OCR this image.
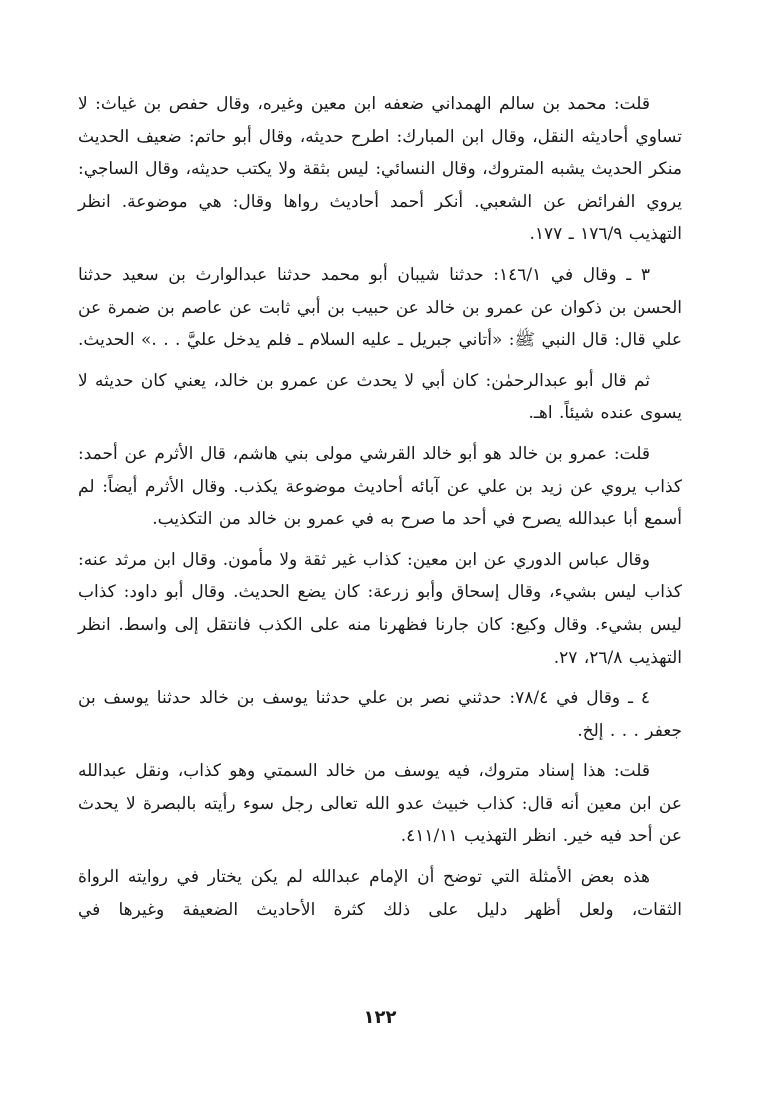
قلت: محمد بن سالم الهمداني ضعفه ابن معين وغيره، وقال حفص بن غياث: لا تساوي أحاديثه النقل، وقال ابن المبارك: اطرح حديثه، وقال أبو حاتم: ضعيف الحديث منكر الحديث يشبه المتروك، وقال النسائي: ليس بثقة ولا يكتب حديثه، وقال الساجي: يروي الفرائض عن الشعبي. أنكر أحمد أحاديث رواها وقال: هي موضوعة. انظر التهذيب ١٧٦/٩ ـ ١٧٧.

٣ ـ وقال في ١٤٦/١: حدثنا شيبان أبو محمد حدثنا عبدالوارث بن سعيد حدثنا الحسن بن ذكوان عن عمرو بن خالد عن حبيب بن أبي ثابت عن عاصم بن ضمرة عن علي قال: قال النبي ﷺ: «أتاني جبريل ـ عليه السلام ـ فلم يدخل عليَّ . . .» الحديث.

ثم قال أبو عبدالرحمٰن: كان أبي لا يحدث عن عمرو بن خالد، يعني كان حديثه لا يسوى عنده شيئاً. اهـ.

قلت: عمرو بن خالد هو أبو خالد القرشي مولى بني هاشم، قال الأثرم عن أحمد: كذاب يروي عن زيد بن علي عن آبائه أحاديث موضوعة يكذب. وقال الأثرم أيضاً: لم أسمع أبا عبدالله يصرح في أحد ما صرح به في عمرو بن خالد من التكذيب.

وقال عباس الدوري عن ابن معين: كذاب غير ثقة ولا مأمون. وقال ابن مرثد عنه: كذاب ليس بشيء، وقال إسحاق وأبو زرعة: كان يضع الحديث. وقال أبو داود: كذاب ليس بشيء. وقال وكيع: كان جارنا فظهرنا منه على الكذب فانتقل إلى واسط. انظر التهذيب ٢٦/٨، ٢٧.

٤ ـ وقال في ٧٨/٤: حدثني نصر بن علي حدثنا يوسف بن خالد حدثنا يوسف بن جعفر . . . إلخ.

قلت: هذا إسناد متروك، فيه يوسف من خالد السمتي وهو كذاب، ونقل عبدالله عن ابن معين أنه قال: كذاب خبيث عدو الله تعالى رجل سوء رأيته بالبصرة لا يحدث عن أحد فيه خير. انظر التهذيب ٤١١/١١.

هذه بعض الأمثلة التي توضح أن الإمام عبدالله لم يكن يختار في روايته الرواة الثقات، ولعل أظهر دليل على ذلك كثرة الأحاديث الضعيفة وغيرها في

١٢٢
